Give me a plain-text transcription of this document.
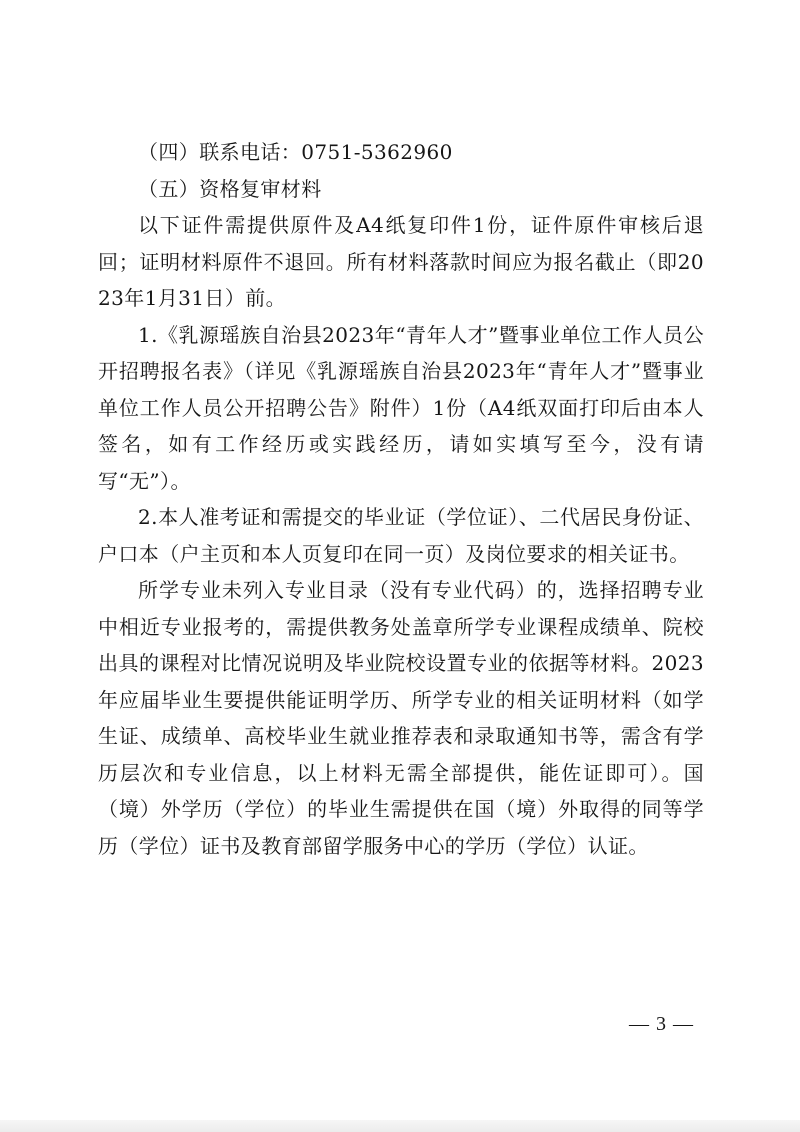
（四）联系电话：0751-5362960

（五）资格复审材料

以下证件需提供原件及A4纸复印件1份，证件原件审核后退回；证明材料原件不退回。所有材料落款时间应为报名截止（即2023年1月31日）前。

1.《乳源瑶族自治县2023年“青年人才”暨事业单位工作人员公开招聘报名表》（详见《乳源瑶族自治县2023年“青年人才”暨事业单位工作人员公开招聘公告》附件）1份（A4纸双面打印后由本人签名，如有工作经历或实践经历，请如实填写至今，没有请写“无”）。

2.本人准考证和需提交的毕业证（学位证）、二代居民身份证、户口本（户主页和本人页复印在同一页）及岗位要求的相关证书。

所学专业未列入专业目录（没有专业代码）的，选择招聘专业中相近专业报考的，需提供教务处盖章所学专业课程成绩单、院校出具的课程对比情况说明及毕业院校设置专业的依据等材料。2023年应届毕业生要提供能证明学历、所学专业的相关证明材料（如学生证、成绩单、高校毕业生就业推荐表和录取通知书等，需含有学历层次和专业信息，以上材料无需全部提供，能佐证即可）。国（境）外学历（学位）的毕业生需提供在国（境）外取得的同等学历（学位）证书及教育部留学服务中心的学历（学位）认证。

— 3 —
